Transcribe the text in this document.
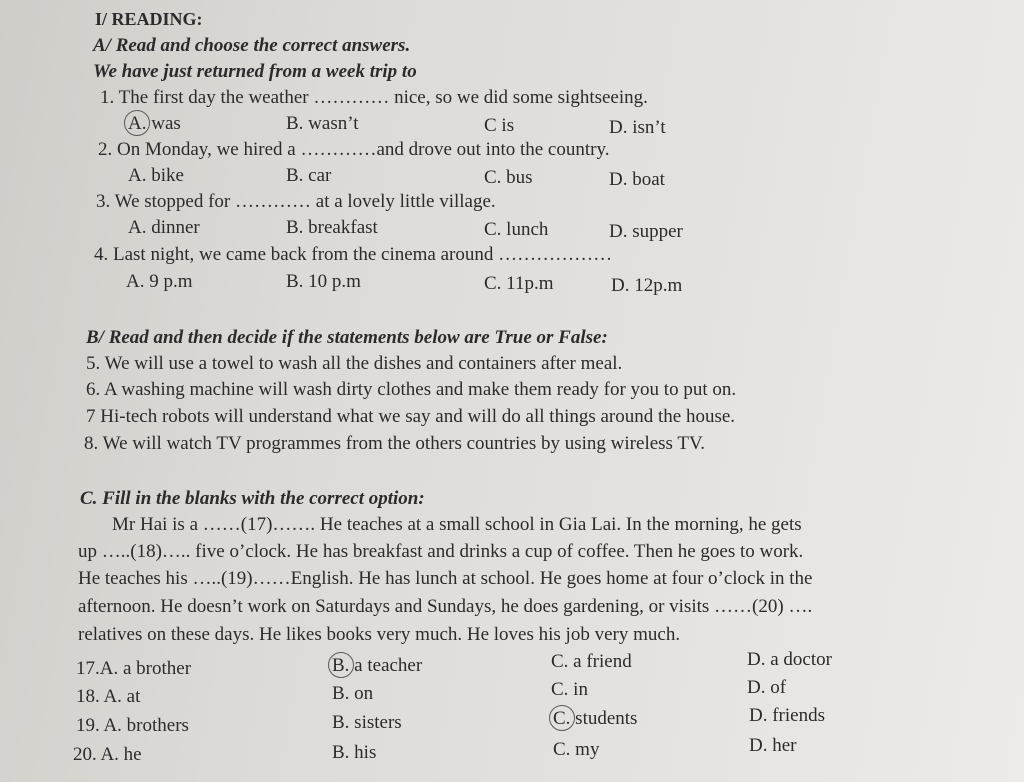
I/ READING:
A/ Read and choose the correct answers.
We have just returned from a week trip to
1. The first day the weather ………… nice, so we did some sightseeing.
A. was	B. wasn’t	C is	D. isn’t
2. On Monday, we hired a …………and drove out into the country.
A. bike	B. car	C. bus	D. boat
3. We stopped for ………… at a lovely little village.
A. dinner	B. breakfast	C. lunch	D. supper
4. Last night, we came back from the cinema around ………………
A. 9 p.m	B. 10 p.m	C. 11p.m	D. 12p.m
B/ Read and then decide if the statements below are True or False:
5. We will use a towel to wash all the dishes and containers after meal.
6. A washing machine will wash dirty clothes and make them ready for you to put on.
7 Hi-tech robots will understand what we say and will do all things around the house.
8. We will watch TV programmes from the others countries by using wireless TV.
C. Fill in the blanks with the correct option:
Mr Hai is a ……(17)……. He teaches at a small school in Gia Lai. In the morning, he gets
up …..(18)….. five o’clock. He has breakfast and drinks a cup of coffee. Then he goes to work.
He teaches his …..(19)……English. He has lunch at school. He goes home at four o’clock in the
afternoon. He doesn’t work on Saturdays and Sundays, he does gardening, or visits ……(20) ….
relatives on these days. He likes books very much. He loves his job very much.
17.A. a brother	B. a teacher	C. a friend	D. a doctor
18. A. at	B. on	C. in	D. of
19. A. brothers	B. sisters	C. students	D. friends
20. A. he	B. his	C. my	D. her
